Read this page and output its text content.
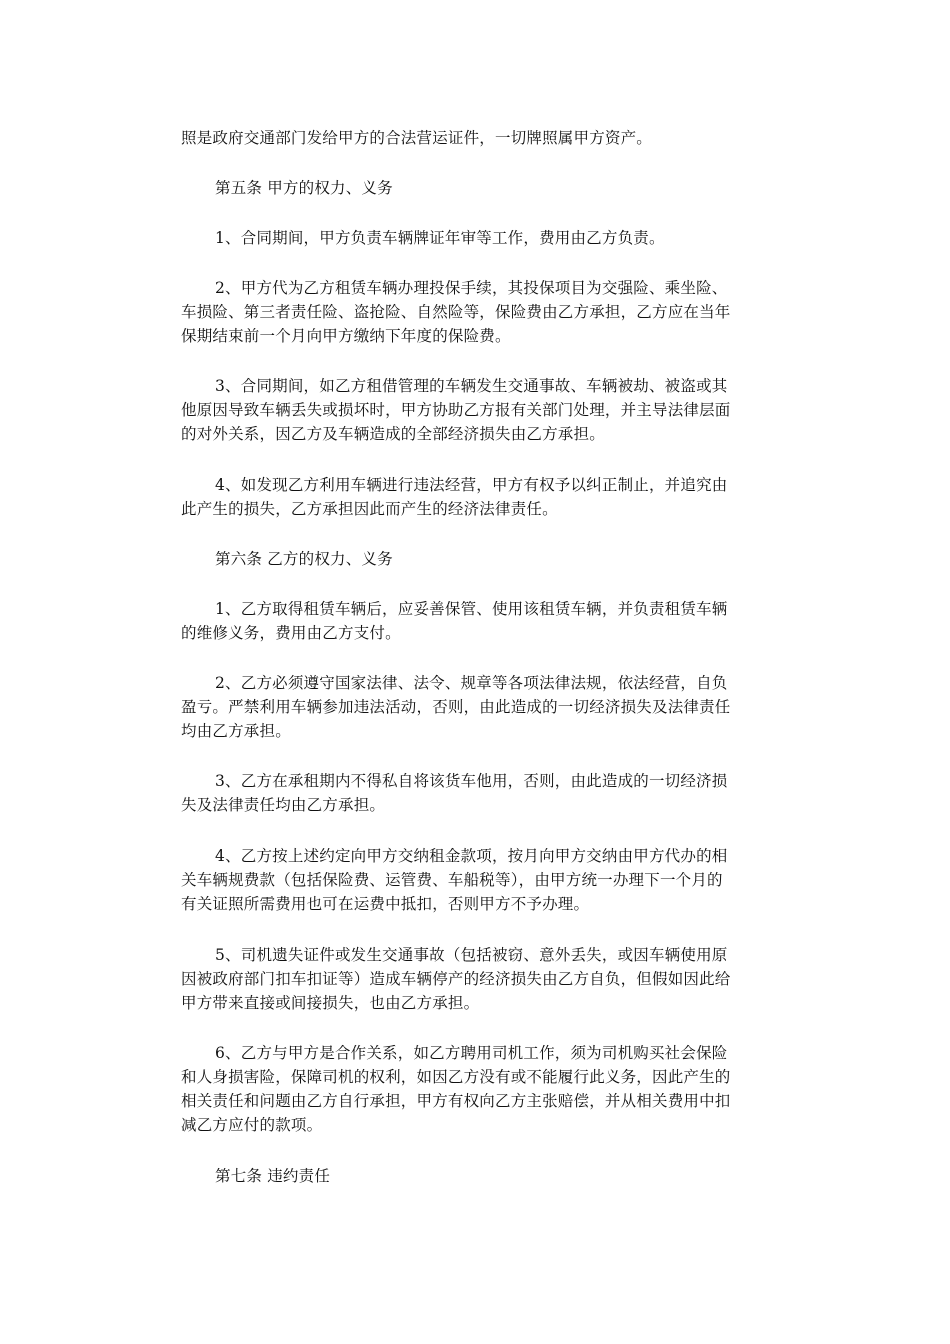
照是政府交通部门发给甲方的合法营运证件，一切牌照属甲方资产。
第五条 甲方的权力、义务
1、合同期间，甲方负责车辆牌证年审等工作，费用由乙方负责。
2、甲方代为乙方租赁车辆办理投保手续，其投保项目为交强险、乘坐险、
车损险、第三者责任险、盗抢险、自然险等，保险费由乙方承担，乙方应在当年
保期结束前一个月向甲方缴纳下年度的保险费。
3、合同期间，如乙方租借管理的车辆发生交通事故、车辆被劫、被盗或其
他原因导致车辆丢失或损坏时，甲方协助乙方报有关部门处理，并主导法律层面
的对外关系，因乙方及车辆造成的全部经济损失由乙方承担。
4、如发现乙方利用车辆进行违法经营，甲方有权予以纠正制止，并追究由
此产生的损失，乙方承担因此而产生的经济法律责任。
第六条 乙方的权力、义务
1、乙方取得租赁车辆后，应妥善保管、使用该租赁车辆，并负责租赁车辆
的维修义务，费用由乙方支付。
2、乙方必须遵守国家法律、法令、规章等各项法律法规，依法经营，自负
盈亏。严禁利用车辆参加违法活动，否则，由此造成的一切经济损失及法律责任
均由乙方承担。
3、乙方在承租期内不得私自将该货车他用，否则，由此造成的一切经济损
失及法律责任均由乙方承担。
4、乙方按上述约定向甲方交纳租金款项，按月向甲方交纳由甲方代办的相
关车辆规费款（包括保险费、运管费、车船税等），由甲方统一办理下一个月的
有关证照所需费用也可在运费中抵扣，否则甲方不予办理。
5、司机遗失证件或发生交通事故（包括被窃、意外丢失，或因车辆使用原
因被政府部门扣车扣证等）造成车辆停产的经济损失由乙方自负，但假如因此给
甲方带来直接或间接损失，也由乙方承担。
6、乙方与甲方是合作关系，如乙方聘用司机工作，须为司机购买社会保险
和人身损害险，保障司机的权利，如因乙方没有或不能履行此义务，因此产生的
相关责任和问题由乙方自行承担，甲方有权向乙方主张赔偿，并从相关费用中扣
减乙方应付的款项。
第七条 违约责任
